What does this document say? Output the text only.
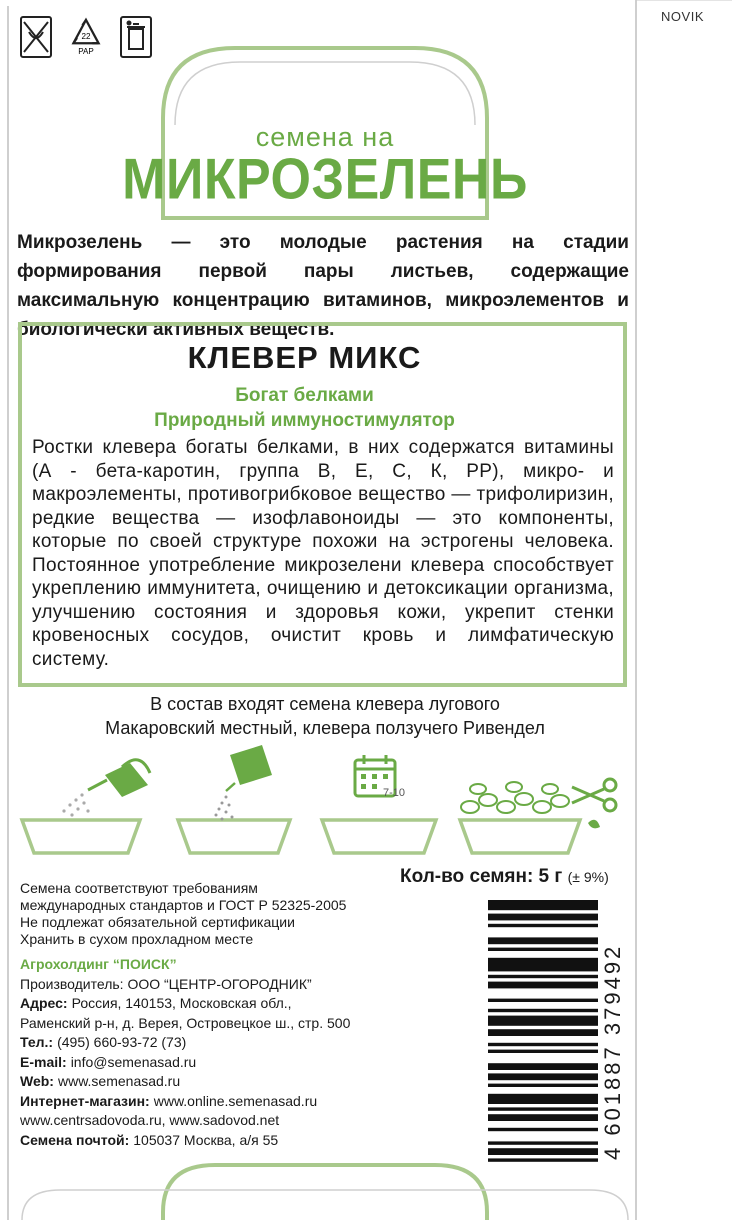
NOVIK
22
PAP
семена на
МИКРОЗЕЛЕНЬ
Микрозелень — это молодые растения на стадии формирования первой пары листьев, содержащие максимальную концентрацию витаминов, микроэлементов и биологически активных веществ.
КЛЕВЕР МИКС
Богат белками
Природный иммуностимулятор
Ростки клевера богаты белками, в них содержатся витамины (А - бета-каротин, группа В, Е, С, К, РР), микро- и макроэлементы, противогрибковое вещество — трифолиризин, редкие вещества — изофлавоноиды — это компоненты, которые по своей структуре похожи на эстрогены человека. Постоянное употребление микрозелени клевера способствует укреплению иммунитета, очищению и детоксикации организма, улучшению состояния и здоровья кожи, укрепит стенки кровеносных сосудов, очистит кровь и лимфатическую систему.
В состав входят семена клевера лугового
Макаровский местный, клевера ползучего Ривендел
7-10
Кол-во семян: 5 г (± 9%)
Семена соответствуют требованиям
международных стандартов и ГОСТ Р 52325-2005
Не подлежат обязательной сертификации
Хранить в сухом прохладном месте
Агрохолдинг “ПОИСК”
Производитель: ООО “ЦЕНТР-ОГОРОДНИК”
Адрес: Россия, 140153, Московская обл.,
Раменский р-н, д. Верея, Островецкое ш., стр. 500
Тел.: (495) 660-93-72 (73)
E-mail: info@semenasad.ru
Web: www.semenasad.ru
Интернет-магазин: www.online.semenasad.ru
www.centrsadovoda.ru, www.sadovod.net
Семена почтой: 105037 Москва, а/я 55	4 601887 379492
